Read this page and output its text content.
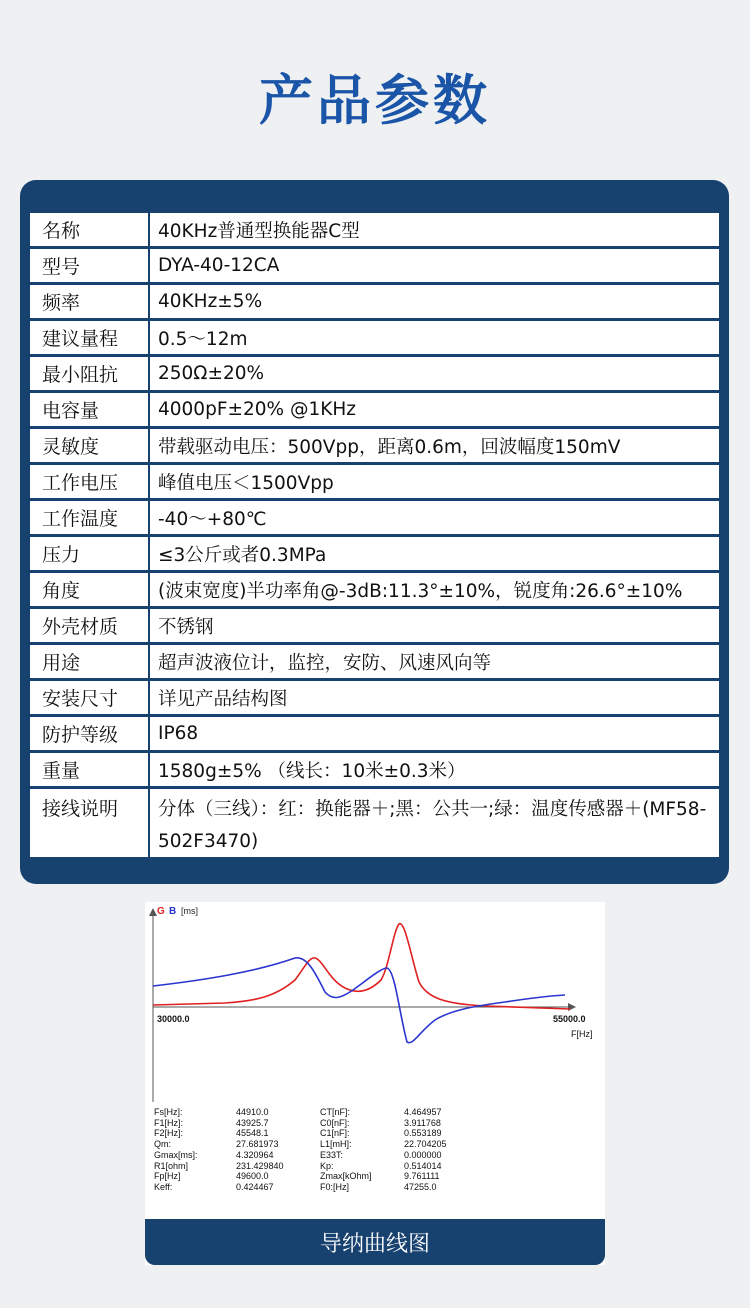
产品参数
名称	40KHz普通型换能器C型
型号	DYA-40-12CA
频率	40KHz±5%
建议量程	0.5～12m
最小阻抗	250Ω±20%
电容量	4000pF±20% @1KHz
灵敏度	带载驱动电压：500Vpp，距离0.6m，回波幅度150mV
工作电压	峰值电压＜1500Vpp
工作温度	-40～+80℃
压力	≤3公斤或者0.3MPa
角度	(波束宽度)半功率角@-3dB:11.3°±10%，锐度角:26.6°±10%
外壳材质	不锈钢
用途	超声波液位计，监控，安防、风速风向等
安装尺寸	详见产品结构图
防护等级	IP68
重量	1580g±5% （线长：10米±0.3米）
接线说明	分体（三线）：红：换能器＋;黑：公共一;绿：温度传感器＋(MF58-502F3470)
G B [ms]
30000.0	55000.0
F[Hz]
Fs[Hz]:	44910.0	CT[nF]:	4.464957
F1[Hz]:	43925.7	C0[nF]:	3.911768
F2[Hz]:	45548.1	C1[nF]:	0.553189
Qm:	27.681973	L1[mH]:	22.704205
Gmax[ms]:	4.320964	E33T:	0.000000
R1[ohm]	231.429840	Kp:	0.514014
Fp[Hz]	49600.0	Zmax[kOhm]	9.761111
Keff:	0.424467	F0:[Hz]	47255.0
导纳曲线图
